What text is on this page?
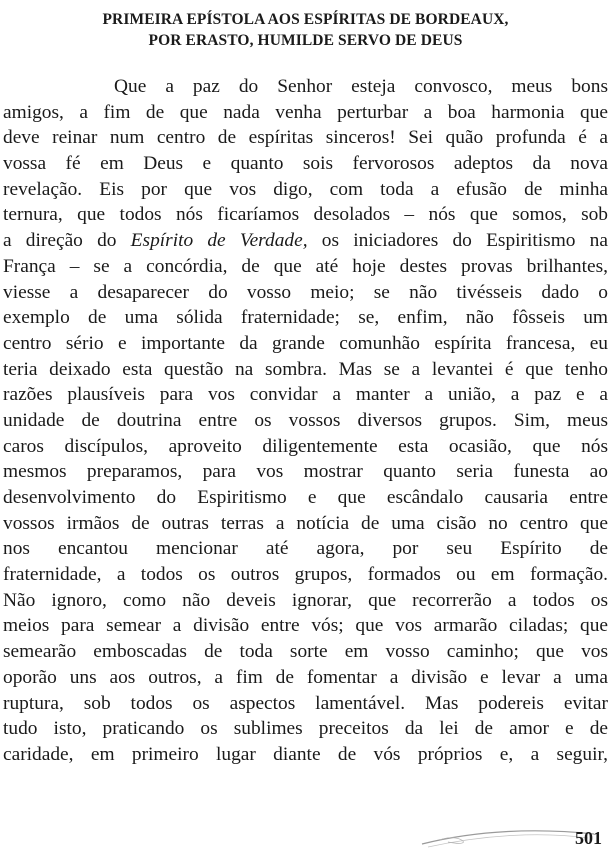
PRIMEIRA EPÍSTOLA AOS ESPÍRITAS DE BORDEAUX,
POR ERASTO, HUMILDE SERVO DE DEUS
Que a paz do Senhor esteja convosco, meus bons
amigos, a fim de que nada venha perturbar a boa harmonia que
deve reinar num centro de espíritas sinceros! Sei quão profunda é a
vossa fé em Deus e quanto sois fervorosos adeptos da nova
revelação. Eis por que vos digo, com toda a efusão de minha
ternura, que todos nós ficaríamos desolados – nós que somos, sob
a direção do Espírito de Verdade, os iniciadores do Espiritismo na
França – se a concórdia, de que até hoje destes provas brilhantes,
viesse a desaparecer do vosso meio; se não tivésseis dado o
exemplo de uma sólida fraternidade; se, enfim, não fôsseis um
centro sério e importante da grande comunhão espírita francesa, eu
teria deixado esta questão na sombra. Mas se a levantei é que tenho
razões plausíveis para vos convidar a manter a união, a paz e a
unidade de doutrina entre os vossos diversos grupos. Sim, meus
caros discípulos, aproveito diligentemente esta ocasião, que nós
mesmos preparamos, para vos mostrar quanto seria funesta ao
desenvolvimento do Espiritismo e que escândalo causaria entre
vossos irmãos de outras terras a notícia de uma cisão no centro que
nos encantou mencionar até agora, por seu Espírito de
fraternidade, a todos os outros grupos, formados ou em formação.
Não ignoro, como não deveis ignorar, que recorrerão a todos os
meios para semear a divisão entre vós; que vos armarão ciladas; que
semearão emboscadas de toda sorte em vosso caminho; que vos
oporão uns aos outros, a fim de fomentar a divisão e levar a uma
ruptura, sob todos os aspectos lamentável. Mas podereis evitar
tudo isto, praticando os sublimes preceitos da lei de amor e de
caridade, em primeiro lugar diante de vós próprios e, a seguir,
501
